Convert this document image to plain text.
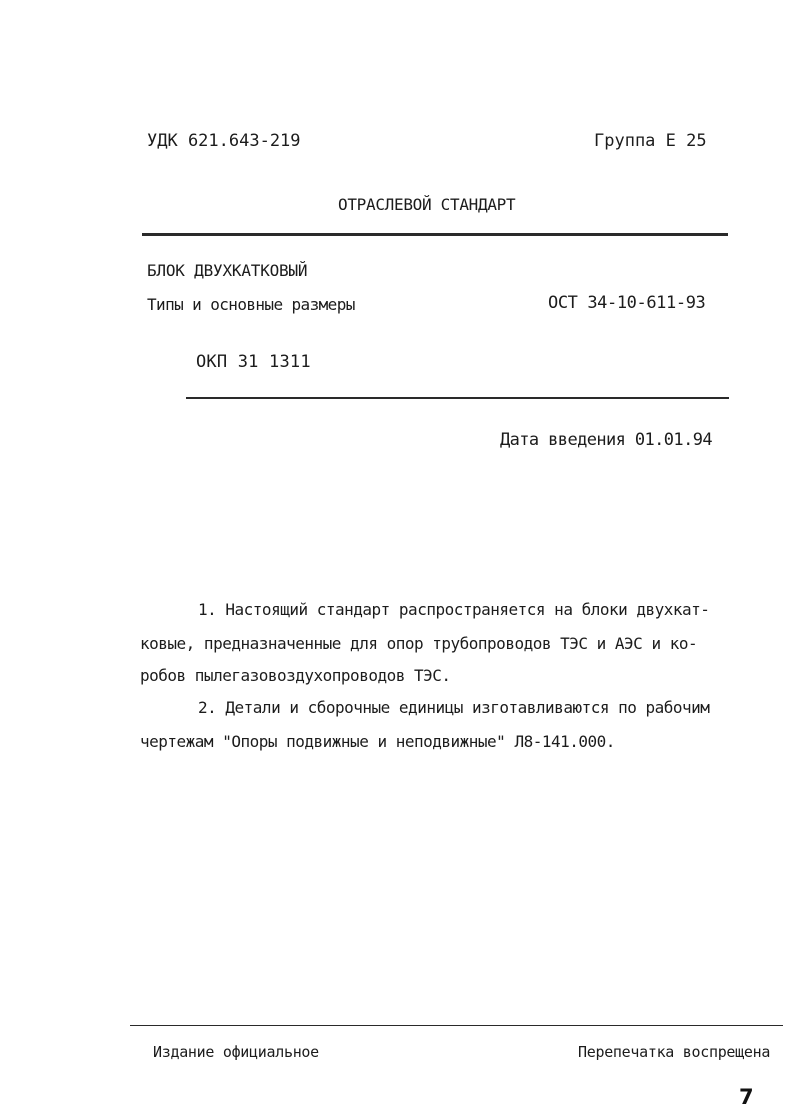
УДК 621.643-219	Группа Е 25
ОТРАСЛЕВОЙ СТАНДАРТ
БЛОК ДВУХКАТКОВЫЙ
Типы и основные размеры	ОСТ 34-10-611-93
ОКП 31 1311
Дата введения 01.01.94
1. Настоящий стандарт распространяется на блоки двухкат-
ковые, предназначенные для опор трубопроводов ТЭС и АЭС и ко-
робов пылегазовоздухопроводов ТЭС.
2. Детали и сборочные единицы изготавливаются по рабочим
чертежам "Опоры подвижные и неподвижные" Л8-141.000.
Издание официальное	Перепечатка воспрещена
7
